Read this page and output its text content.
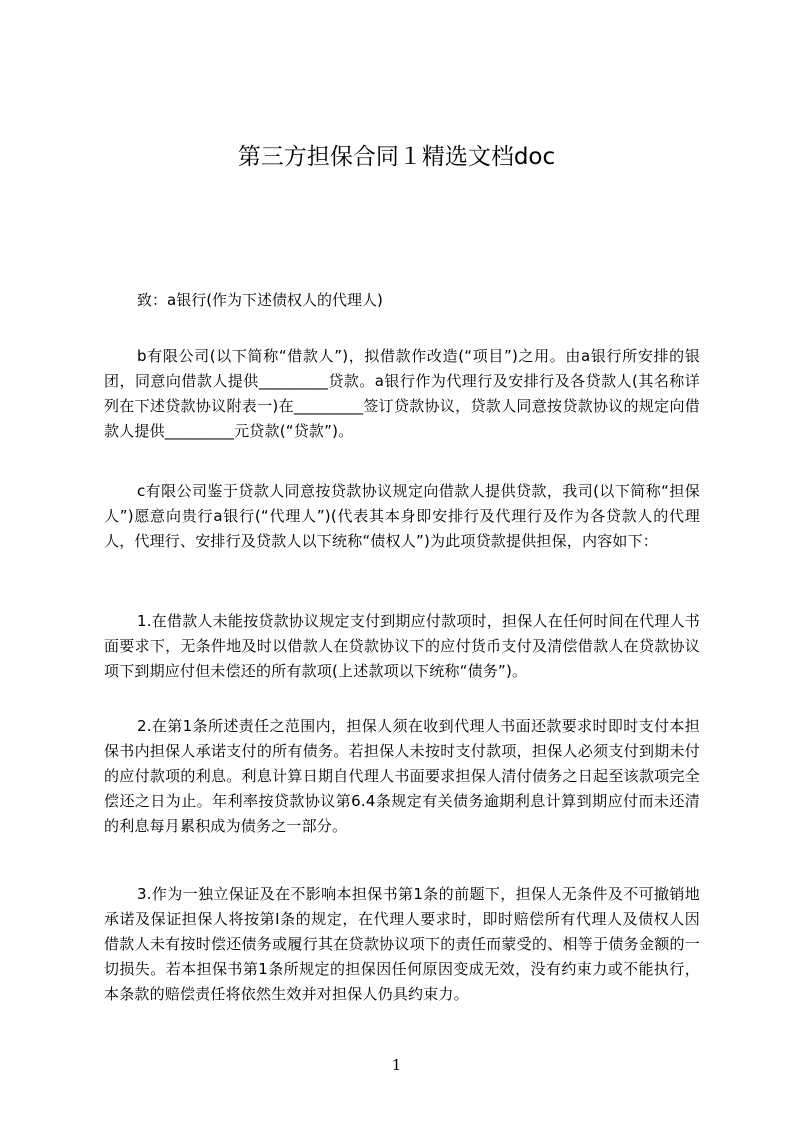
第三方担保合同１精选文档doc
致：a银行(作为下述债权人的代理人)

b有限公司(以下简称“借款人”)，拟借款作改造(“项目”)之用。由a银行所安排的银团，同意向借款人提供_________贷款。a银行作为代理行及安排行及各贷款人(其名称详列在下述贷款协议附表一)在_________签订贷款协议，贷款人同意按贷款协议的规定向借款人提供_________元贷款(“贷款”)。

c有限公司鉴于贷款人同意按贷款协议规定向借款人提供贷款，我司(以下简称“担保人”)愿意向贵行a银行(“代理人”)(代表其本身即安排行及代理行及作为各贷款人的代理人，代理行、安排行及贷款人以下统称“债权人”)为此项贷款提供担保，内容如下：

1.在借款人未能按贷款协议规定支付到期应付款项时，担保人在任何时间在代理人书面要求下，无条件地及时以借款人在贷款协议下的应付货币支付及清偿借款人在贷款协议项下到期应付但未偿还的所有款项(上述款项以下统称“债务”)。

2.在第1条所述责任之范围内，担保人须在收到代理人书面还款要求时即时支付本担保书内担保人承诺支付的所有债务。若担保人未按时支付款项，担保人必须支付到期未付的应付款项的利息。利息计算日期自代理人书面要求担保人清付债务之日起至该款项完全偿还之日为止。年利率按贷款协议第6.4条规定有关债务逾期利息计算到期应付而未还清的利息每月累积成为债务之一部分。

3.作为一独立保证及在不影响本担保书第1条的前题下，担保人无条件及不可撤销地承诺及保证担保人将按第Ⅰ条的规定，在代理人要求时，即时赔偿所有代理人及债权人因借款人未有按时偿还债务或履行其在贷款协议项下的责任而蒙受的、相等于债务金额的一切损失。若本担保书第1条所规定的担保因任何原因变成无效，没有约束力或不能执行，本条款的赔偿责任将依然生效并对担保人仍具约束力。

1
